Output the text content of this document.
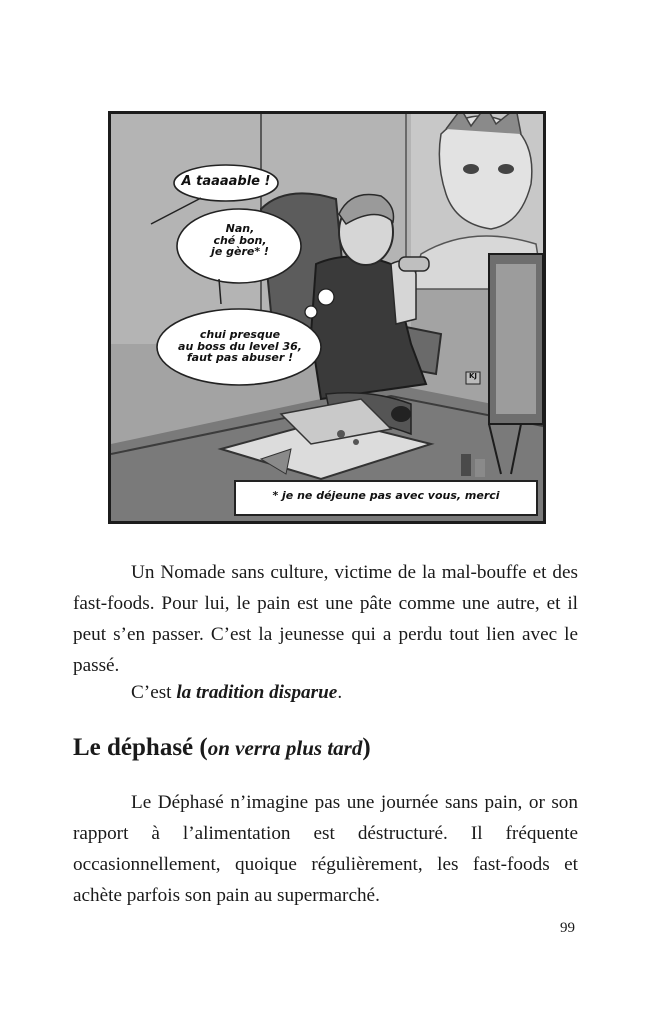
A taaaable !
Nan,
ché bon,
je gère* !
chui presque
au boss du level 36,
faut pas abuser !
* je ne déjeune pas avec vous, merci
KJ

Un Nomade sans culture, victime de la mal-bouffe et des fast-foods. Pour lui, le pain est une pâte comme une autre, et il peut s’en passer. C’est la jeunesse qui a perdu tout lien avec le passé.

C’est la tradition disparue.

Le déphasé (on verra plus tard)

Le Déphasé n’imagine pas une journée sans pain, or son rapport à l’alimentation est déstructuré. Il fréquente occasionnellement, quoique régulièrement, les fast-foods et achète parfois son pain au supermarché.

99
